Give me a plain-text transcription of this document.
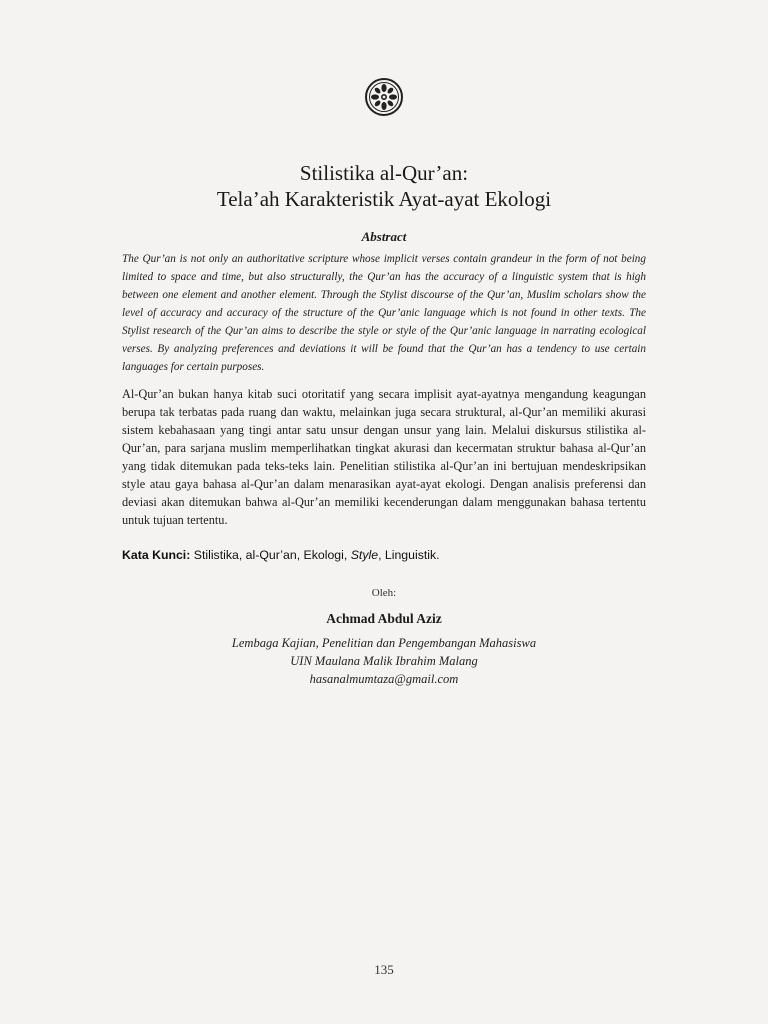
Stilistika al-Qur’an:
Tela’ah Karakteristik Ayat-ayat Ekologi
Abstract
The Qur’an is not only an authoritative scripture whose implicit verses contain grandeur in the form of not being limited to space and time, but also structurally, the Qur’an has the accuracy of a linguistic system that is high between one element and another element. Through the Stylist discourse of the Qur’an, Muslim scholars show the level of accuracy and accuracy of the structure of the Qur’anic language which is not found in other texts. The Stylist research of the Qur’an aims to describe the style or style of the Qur’anic language in narrating ecological verses. By analyzing preferences and deviations it will be found that the Qur’an has a tendency to use certain languages for certain purposes.
Al-Qur’an bukan hanya kitab suci otoritatif yang secara implisit ayat-ayatnya mengandung keagungan berupa tak terbatas pada ruang dan waktu, melainkan juga secara struktural, al-Qur’an memiliki akurasi sistem kebahasaan yang tingi antar satu unsur dengan unsur yang lain. Melalui diskursus stilistika al-Qur’an, para sarjana muslim memperlihatkan tingkat akurasi dan kecermatan struktur bahasa al-Qur’an yang tidak ditemukan pada teks-teks lain. Penelitian stilistika al-Qur’an ini bertujuan mendeskripsikan style atau gaya bahasa al-Qur’an dalam menarasikan ayat-ayat ekologi. Dengan analisis preferensi dan deviasi akan ditemukan bahwa al-Qur’an memiliki kecenderungan dalam menggunakan bahasa tertentu untuk tujuan tertentu.
Kata Kunci: Stilistika, al-Qur’an, Ekologi, Style, Linguistik.
Oleh:
Achmad Abdul Aziz
Lembaga Kajian, Penelitian dan Pengembangan Mahasiswa
UIN Maulana Malik Ibrahim Malang
hasanalmumtaza@gmail.com
135
